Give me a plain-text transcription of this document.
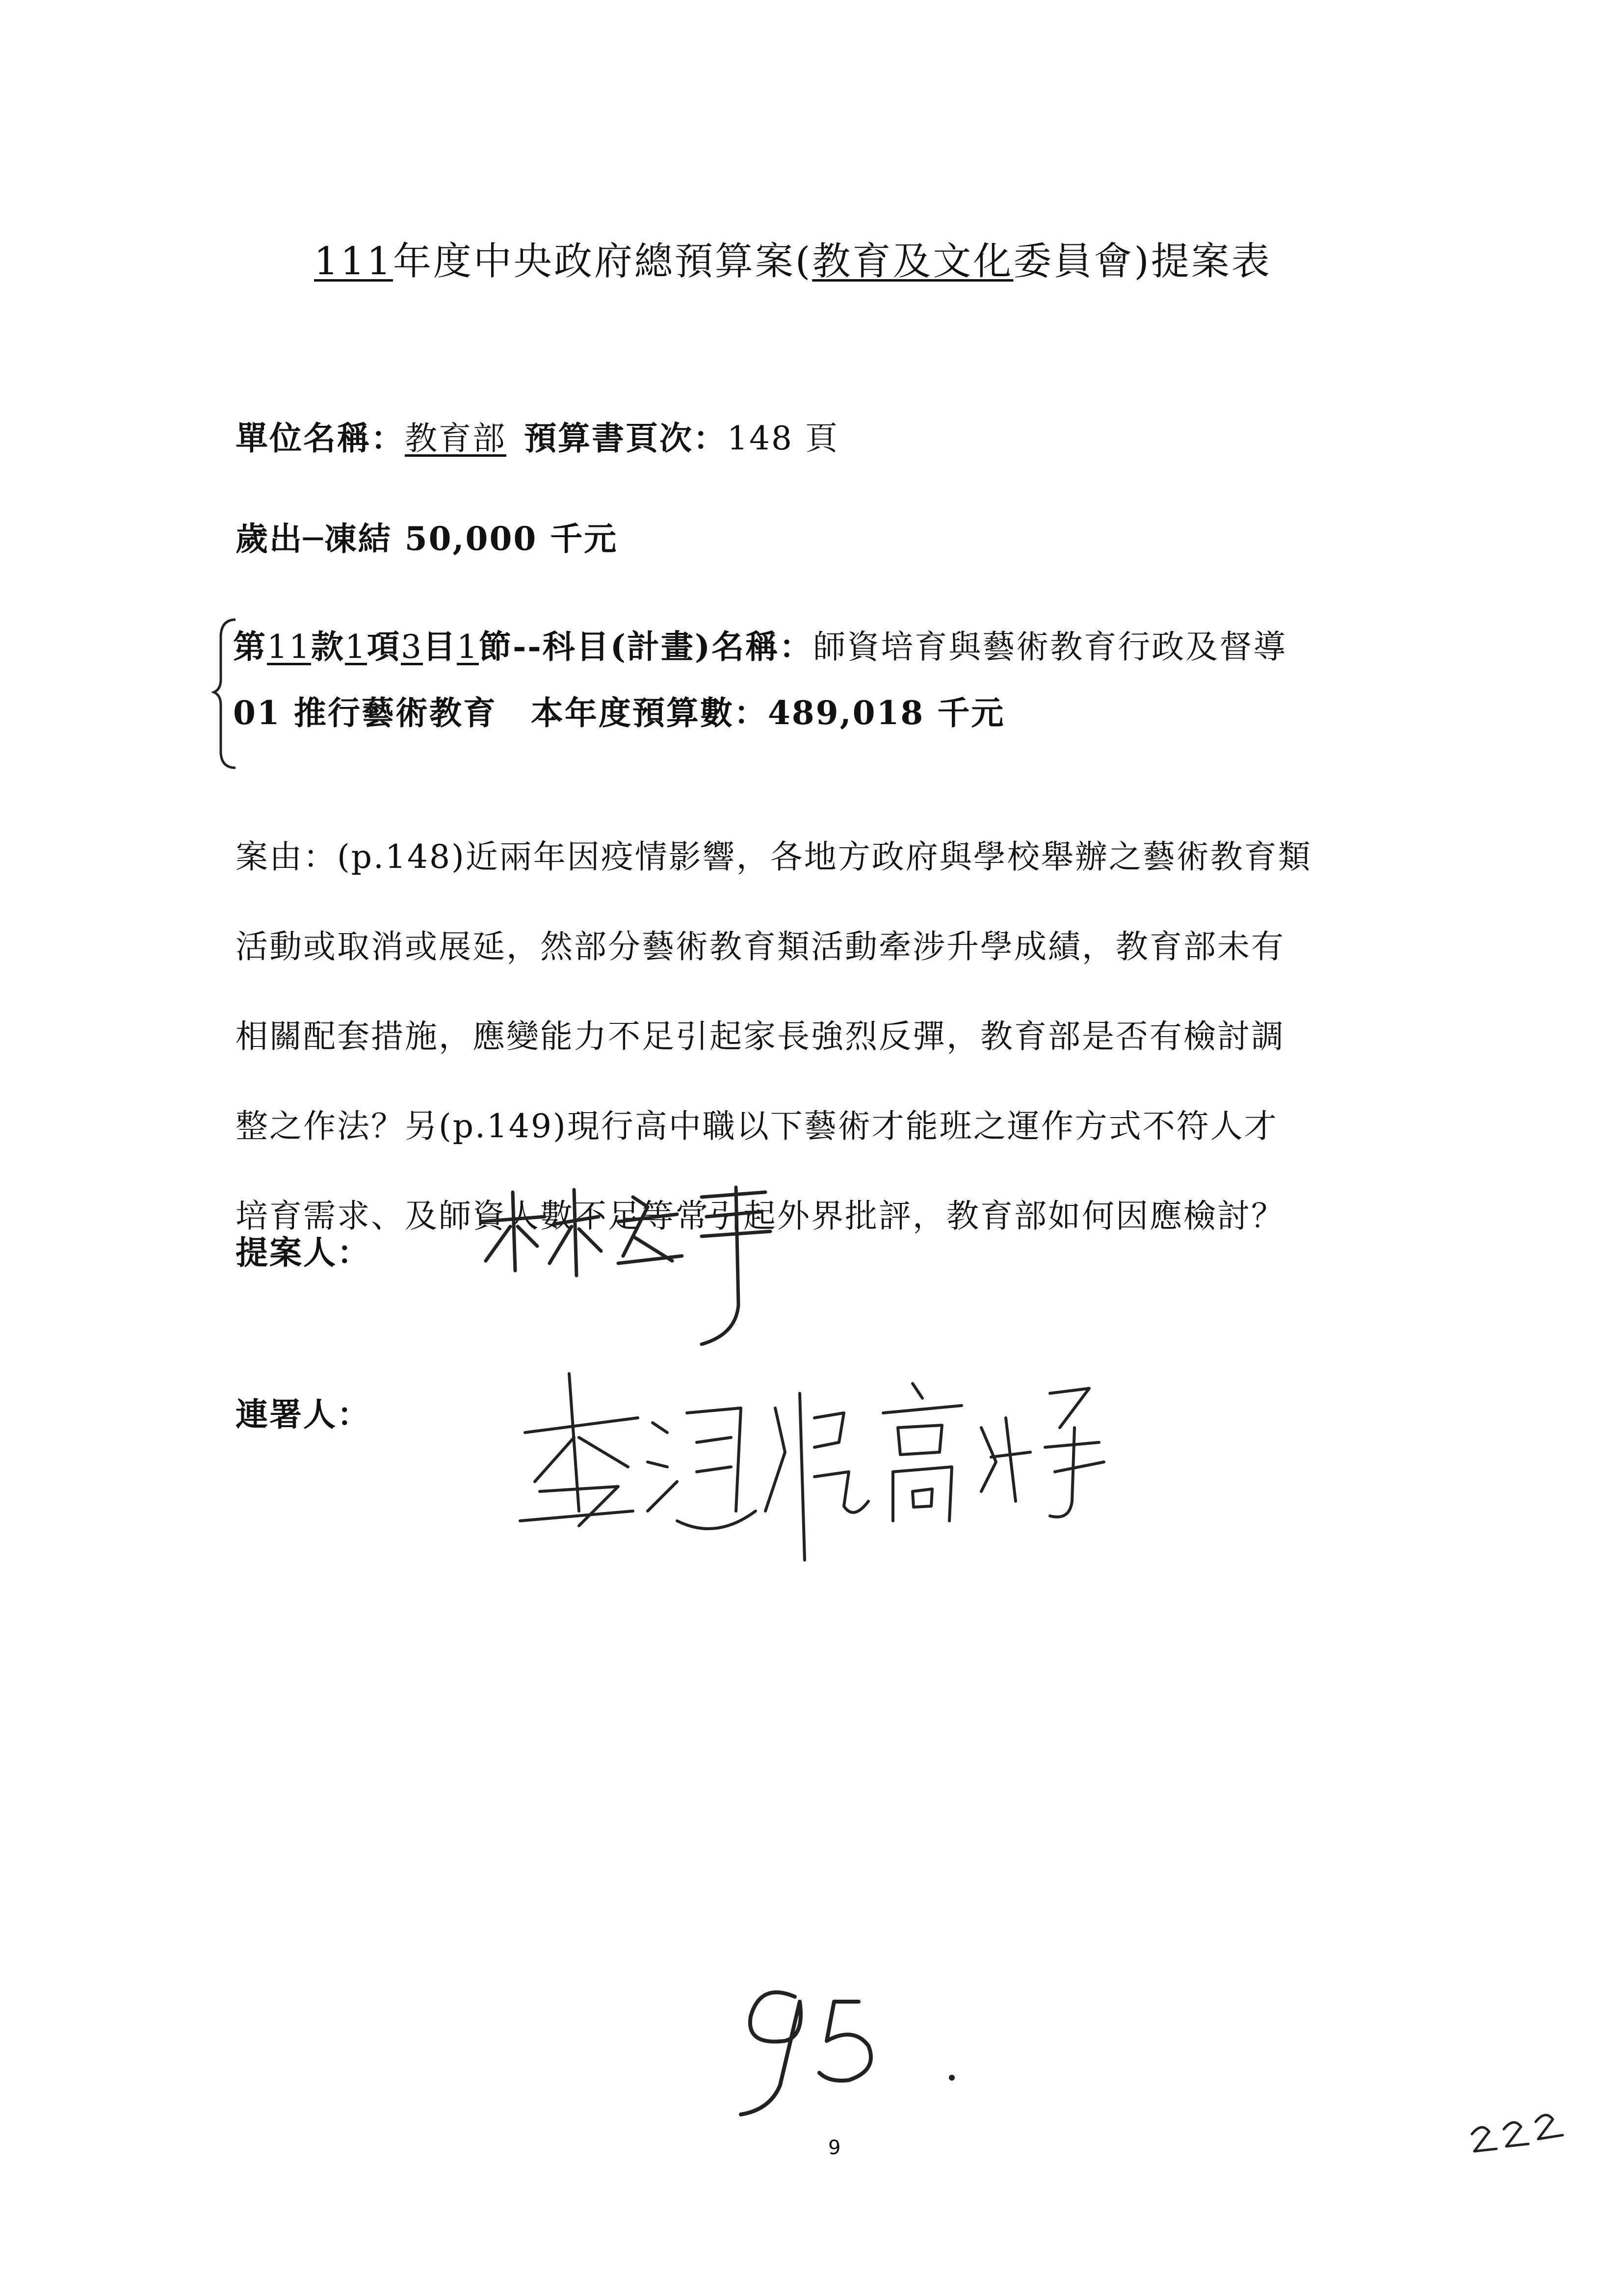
111年度中央政府總預算案(教育及文化委員會)提案表
單位名稱：教育部  預算書頁次：148 頁
歲出─凍結 50,000 千元
第11款1項3目1節--科目(計畫)名稱：師資培育與藝術教育行政及督導
01 推行藝術教育  本年度預算數：489,018 千元

案由：(p.148)近兩年因疫情影響，各地方政府與學校舉辦之藝術教育類

活動或取消或展延，然部分藝術教育類活動牽涉升學成績，教育部未有

相關配套措施，應變能力不足引起家長強烈反彈，教育部是否有檢討調

整之作法？另(p.149)現行高中職以下藝術才能班之運作方式不符人才

培育需求、及師資人數不足等常引起外界批評，教育部如何因應檢討？

提案人：
連署人：
9
